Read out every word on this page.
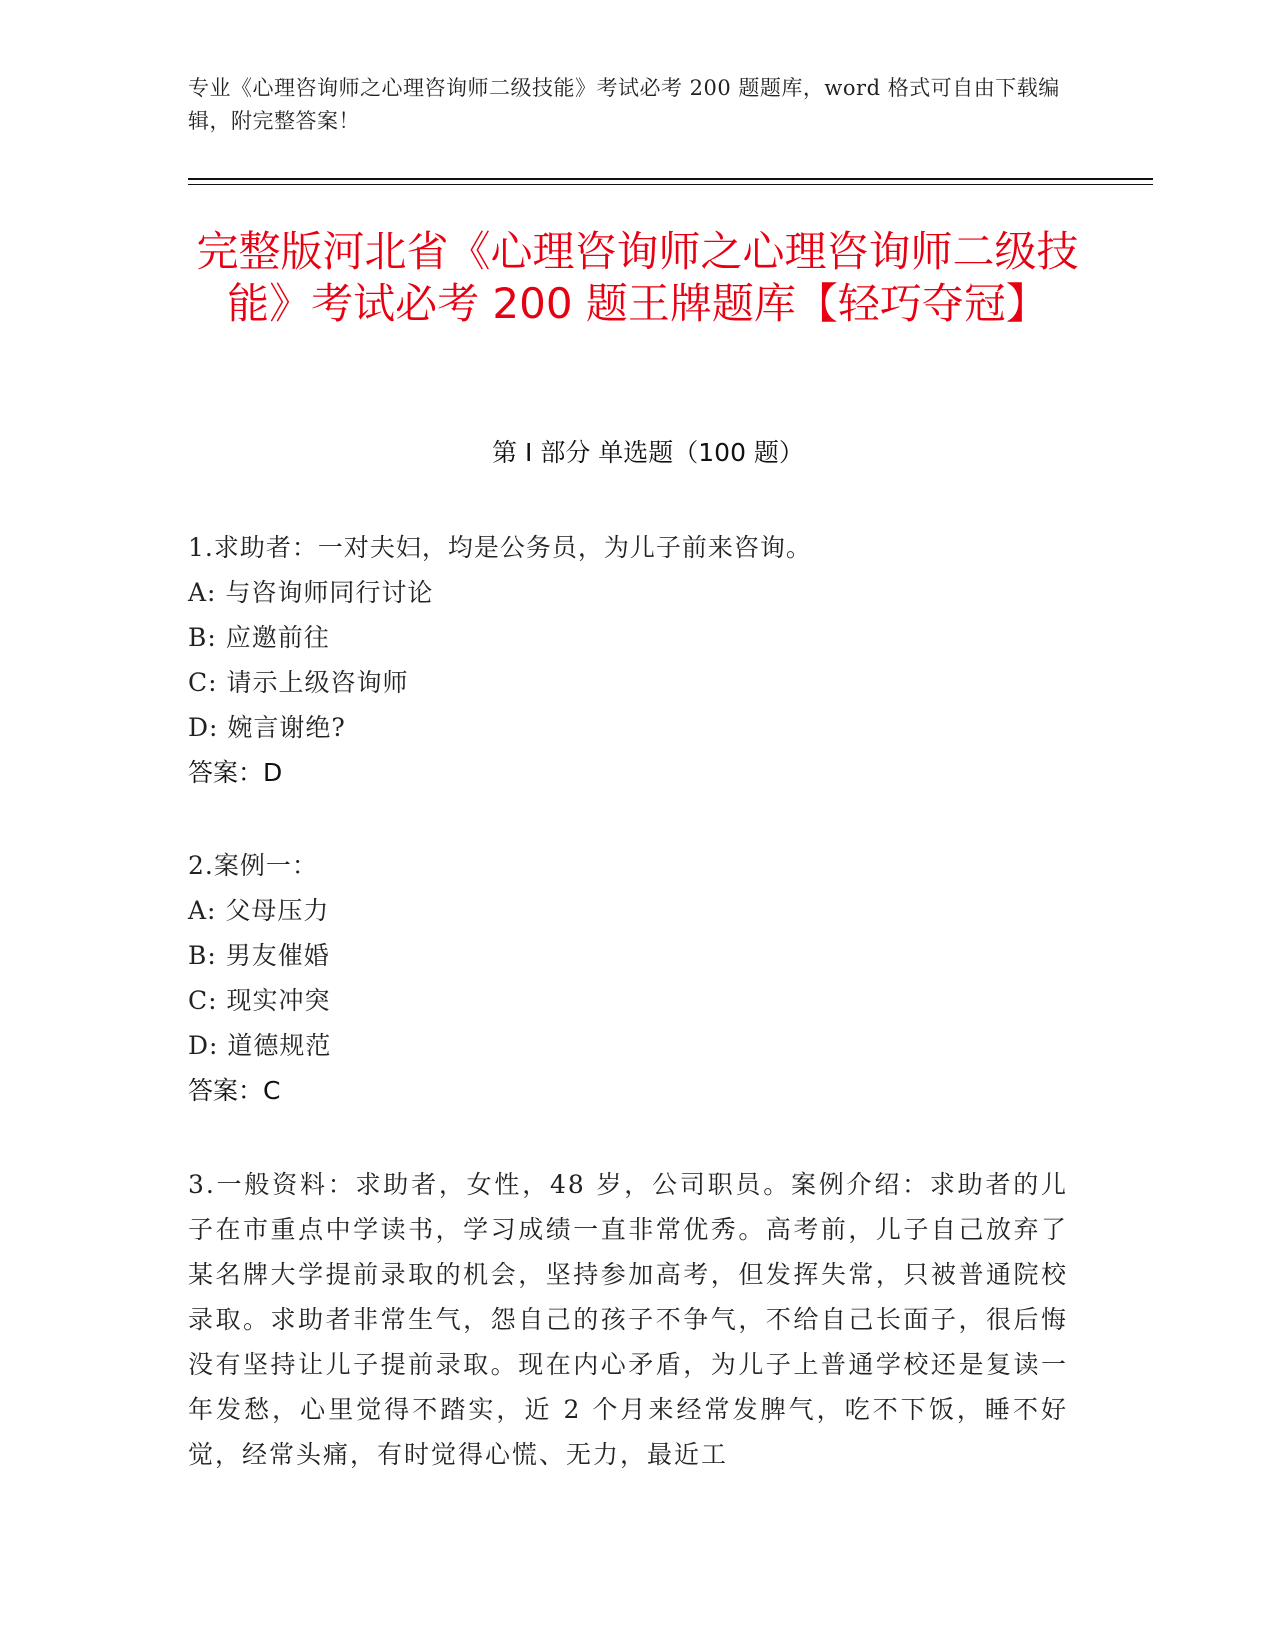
专业《心理咨询师之心理咨询师二级技能》考试必考 200 题题库，word 格式可自由下载编辑，附完整答案！
完整版河北省《心理咨询师之心理咨询师二级技能》考试必考 200 题王牌题库【轻巧夺冠】
第 I 部分 单选题（100 题）
1.求助者：一对夫妇，均是公务员，为儿子前来咨询。
A: 与咨询师同行讨论
B: 应邀前往
C: 请示上级咨询师
D: 婉言谢绝?
答案：D
2.案例一：
A: 父母压力
B: 男友催婚
C: 现实冲突
D: 道德规范
答案：C
3.一般资料：求助者，女性，48 岁，公司职员。案例介绍：求助者的儿子在市重点中学读书，学习成绩一直非常优秀。高考前，儿子自己放弃了某名牌大学提前录取的机会，坚持参加高考，但发挥失常，只被普通院校录取。求助者非常生气，怨自己的孩子不争气，不给自己长面子，很后悔没有坚持让儿子提前录取。现在内心矛盾，为儿子上普通学校还是复读一年发愁，心里觉得不踏实，近 2 个月来经常发脾气，吃不下饭，睡不好觉，经常头痛，有时觉得心慌、无力，最近工
